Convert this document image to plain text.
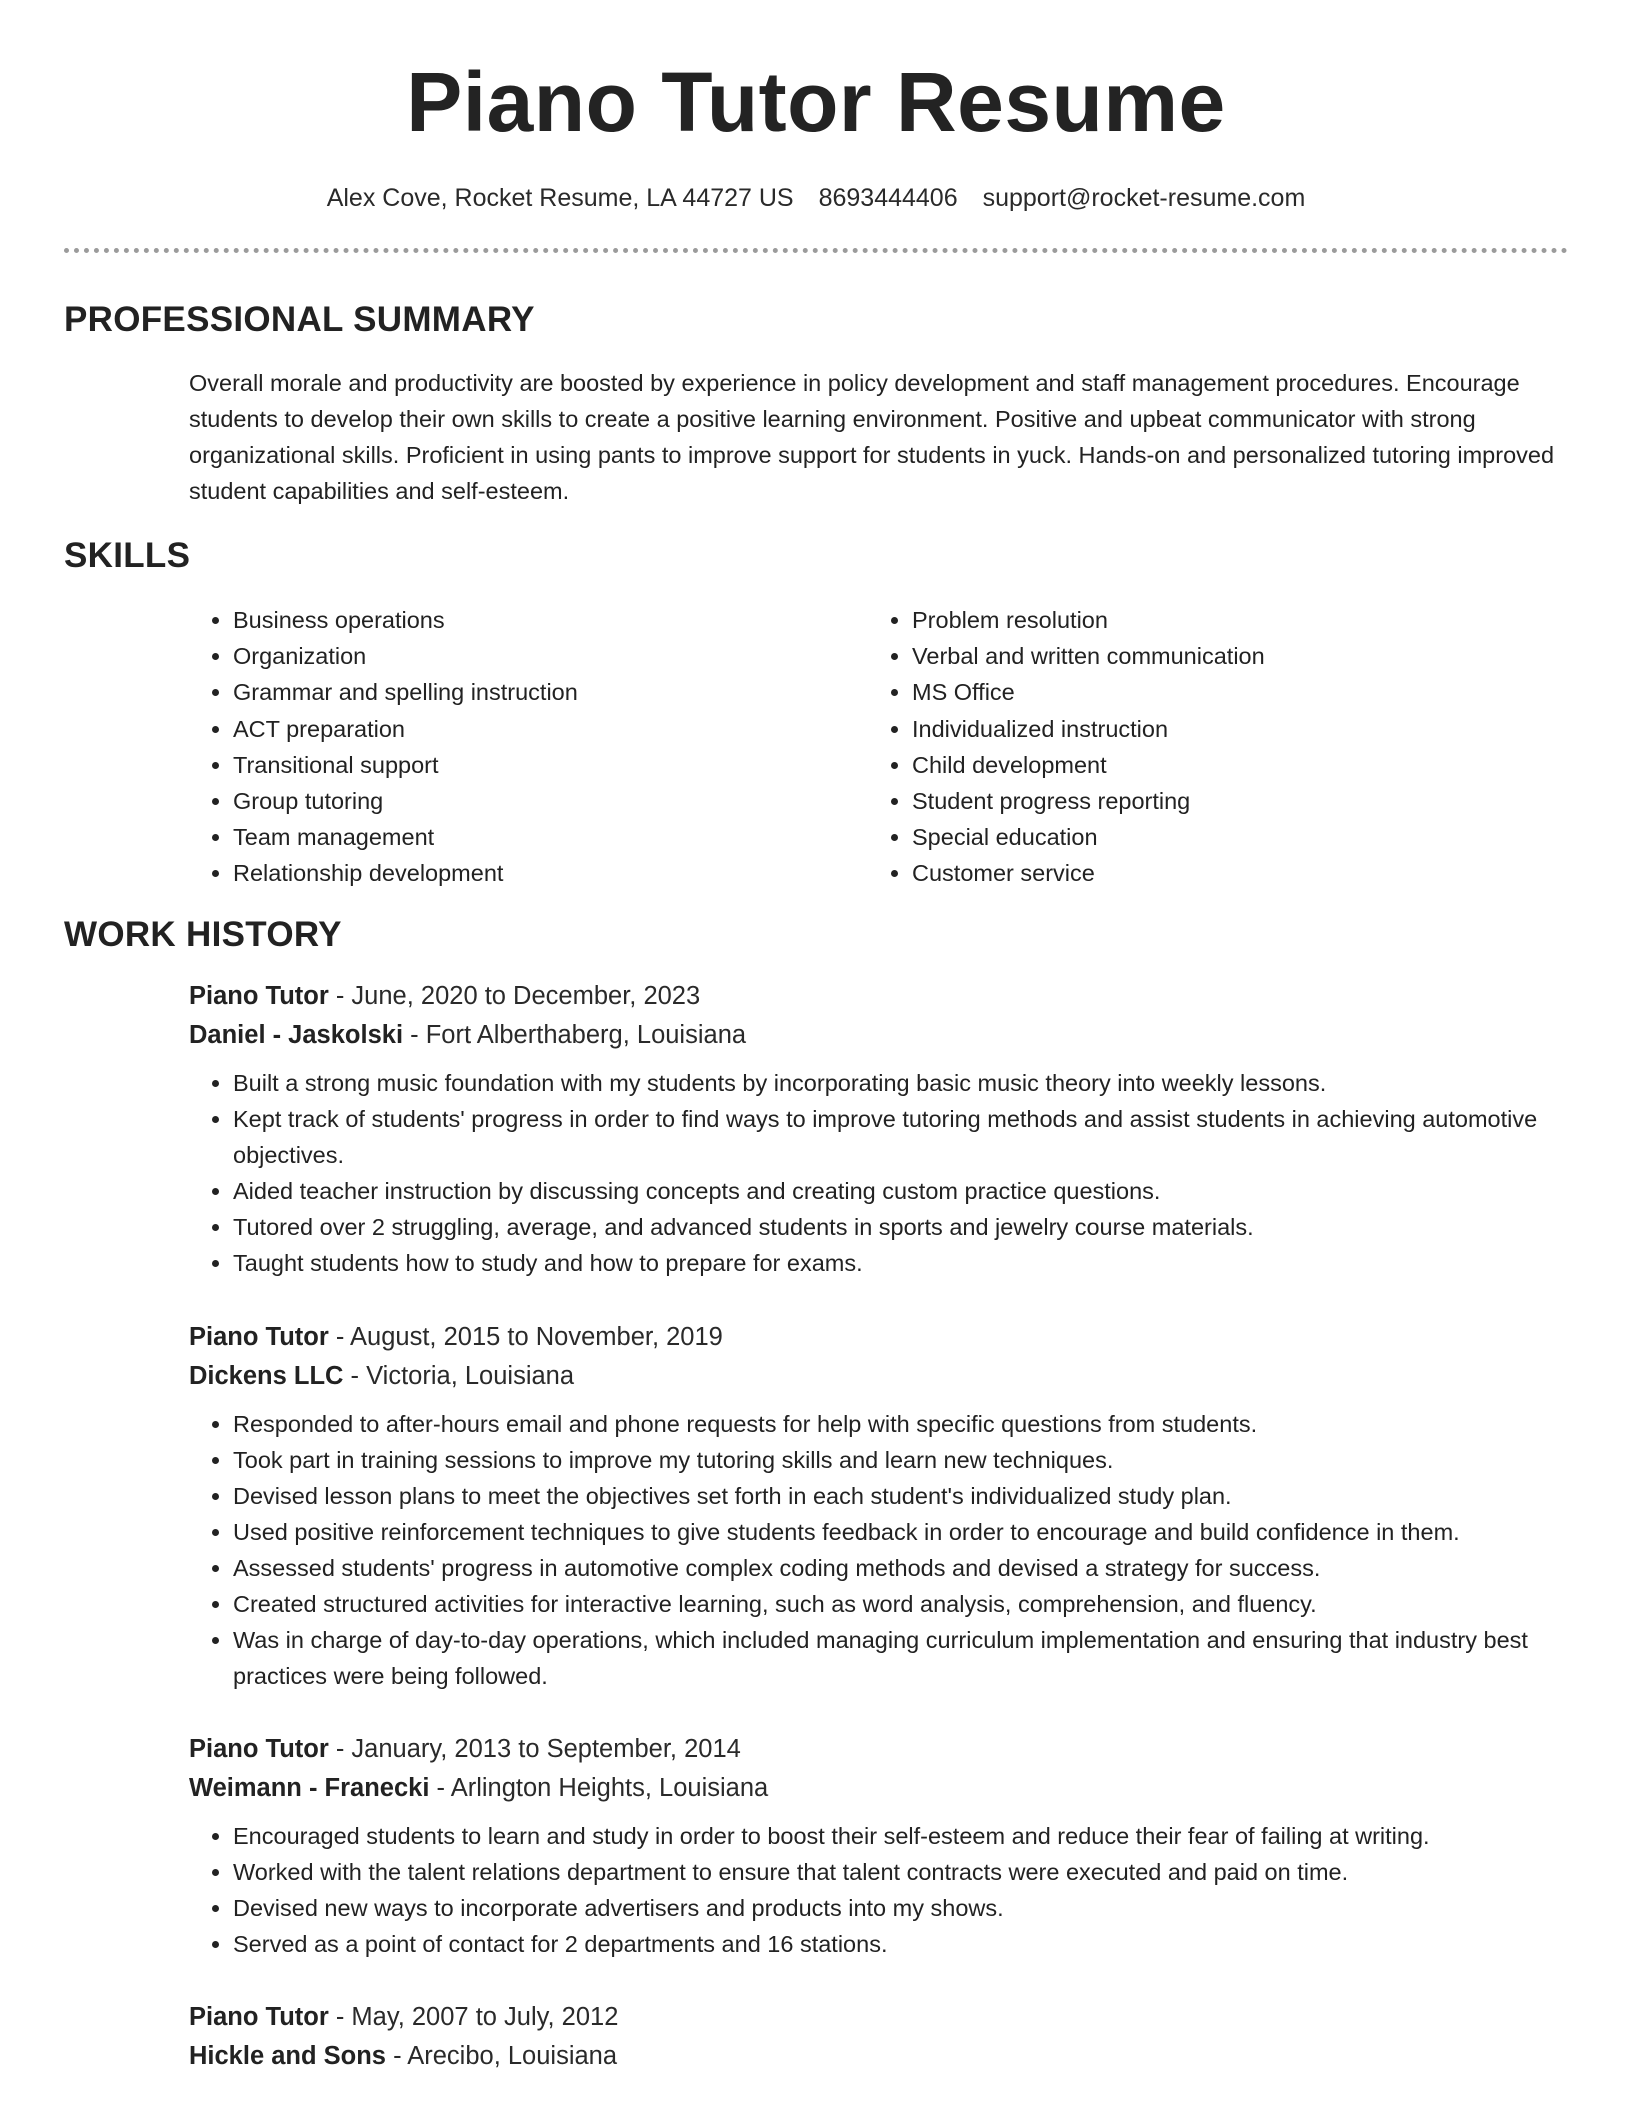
Piano Tutor Resume
Alex Cove, Rocket Resume, LA 44727 US 8693444406 support@rocket-resume.com
PROFESSIONAL SUMMARY

Overall morale and productivity are boosted by experience in policy development and staff management procedures. Encourage students to develop their own skills to create a positive learning environment. Positive and upbeat communicator with strong organizational skills. Proficient in using pants to improve support for students in yuck. Hands-on and personalized tutoring improved student capabilities and self-esteem.

SKILLS
• Business operations
• Organization
• Grammar and spelling instruction
• ACT preparation
• Transitional support
• Group tutoring
• Team management
• Relationship development
• Problem resolution
• Verbal and written communication
• MS Office
• Individualized instruction
• Child development
• Student progress reporting
• Special education
• Customer service
WORK HISTORY

Piano Tutor - June, 2020 to December, 2023

Daniel - Jaskolski - Fort Alberthaberg, Louisiana

• Built a strong music foundation with my students by incorporating basic music theory into weekly lessons.
• Kept track of students' progress in order to find ways to improve tutoring methods and assist students in achieving automotive objectives.
• Aided teacher instruction by discussing concepts and creating custom practice questions.
• Tutored over 2 struggling, average, and advanced students in sports and jewelry course materials.
• Taught students how to study and how to prepare for exams.

Piano Tutor - August, 2015 to November, 2019

Dickens LLC - Victoria, Louisiana

• Responded to after-hours email and phone requests for help with specific questions from students.
• Took part in training sessions to improve my tutoring skills and learn new techniques.
• Devised lesson plans to meet the objectives set forth in each student's individualized study plan.
• Used positive reinforcement techniques to give students feedback in order to encourage and build confidence in them.
• Assessed students' progress in automotive complex coding methods and devised a strategy for success.
• Created structured activities for interactive learning, such as word analysis, comprehension, and fluency.
• Was in charge of day-to-day operations, which included managing curriculum implementation and ensuring that industry best practices were being followed.

Piano Tutor - January, 2013 to September, 2014

Weimann - Franecki - Arlington Heights, Louisiana

• Encouraged students to learn and study in order to boost their self-esteem and reduce their fear of failing at writing.
• Worked with the talent relations department to ensure that talent contracts were executed and paid on time.
• Devised new ways to incorporate advertisers and products into my shows.
• Served as a point of contact for 2 departments and 16 stations.

Piano Tutor - May, 2007 to July, 2012

Hickle and Sons - Arecibo, Louisiana
